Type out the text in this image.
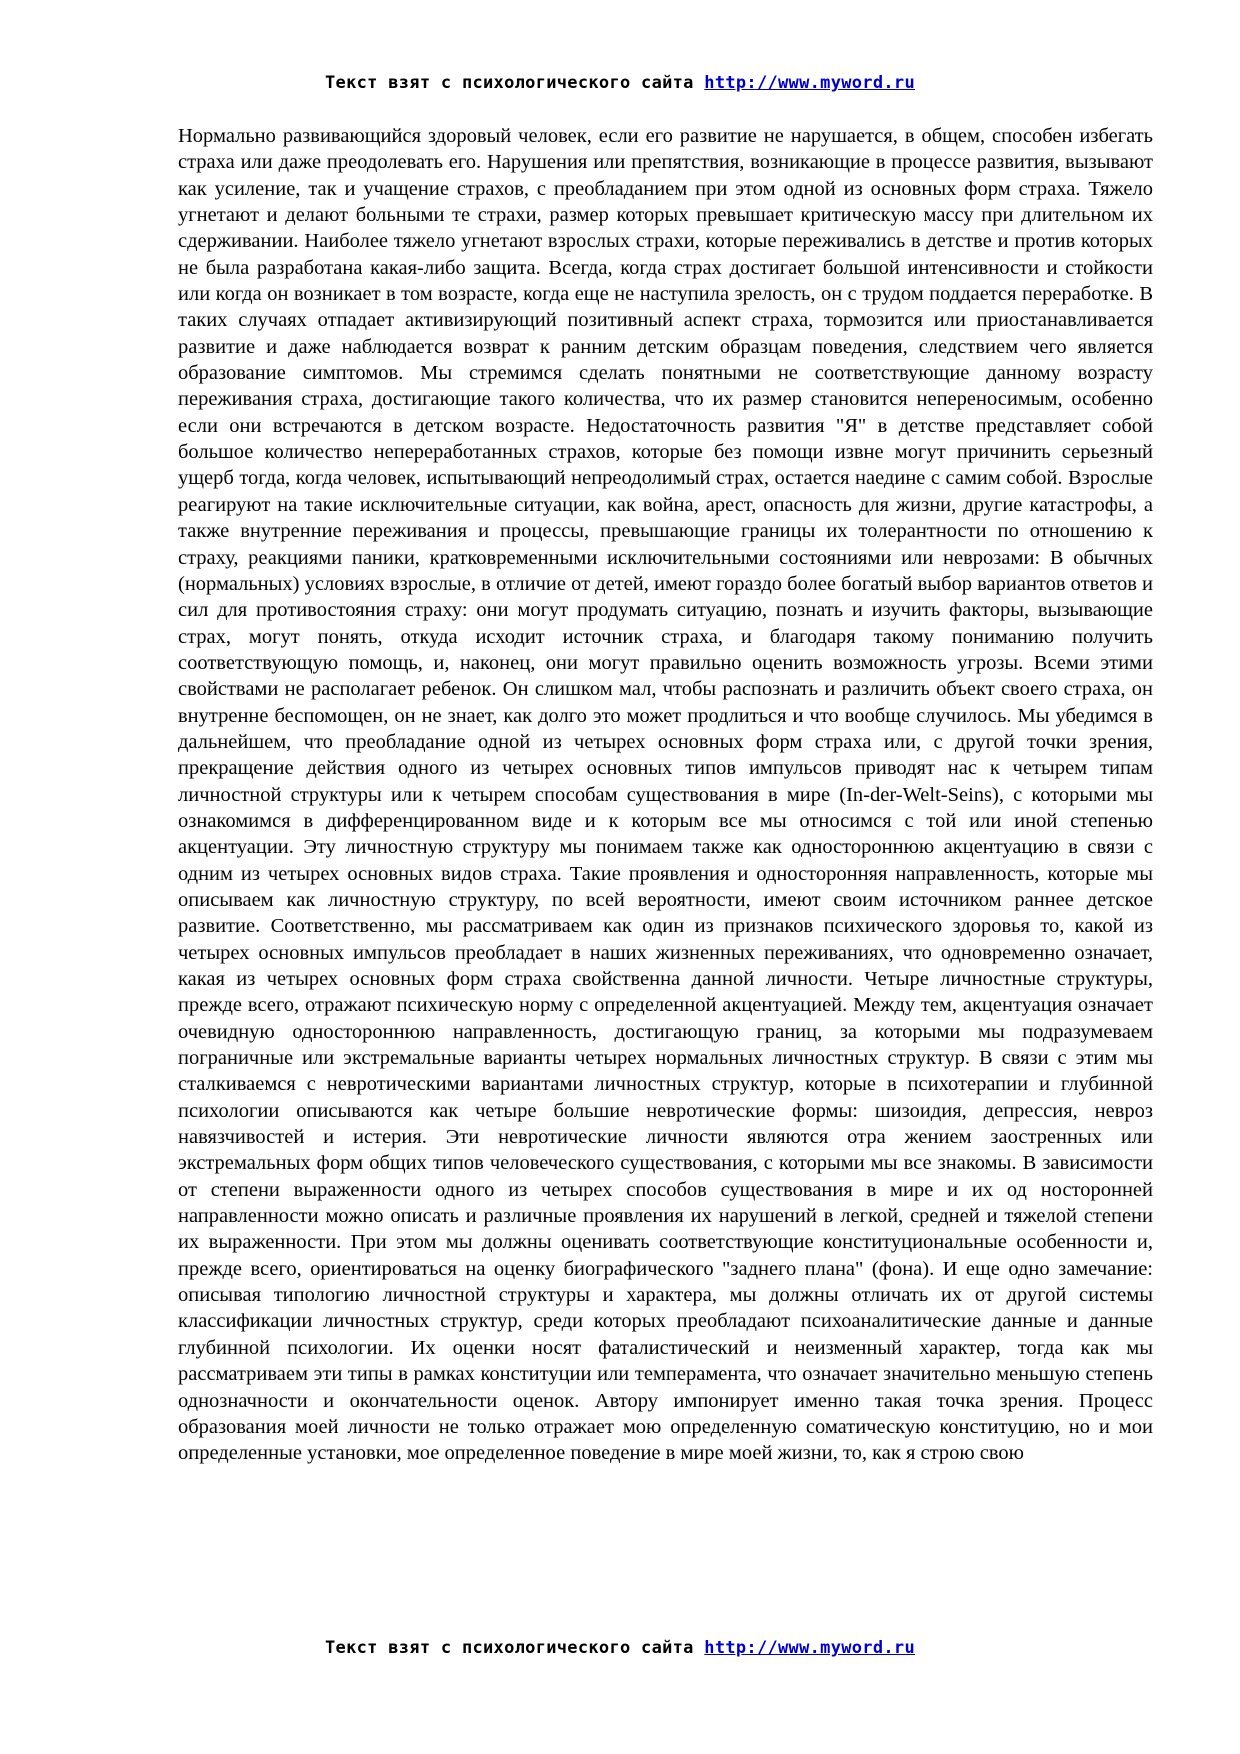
Текст взят с психологического сайта http://www.myword.ru

Нормально развивающийся здоровый человек, если его развитие не нарушается, в общем, способен избегать страха или даже преодолевать его. Нарушения или препятствия, возникающие в процессе развития, вызывают как усиление, так и учащение страхов, с преобладанием при этом одной из основных форм страха. Тяжело угнетают и делают больными те страхи, размер которых превышает критическую массу при длительном их сдерживании. Наиболее тяжело угнетают взрослых страхи, которые переживались в детстве и против которых не была разработана какая-либо защита. Всегда, когда страх достигает большой интенсивности и стойкости или когда он возникает в том возрасте, когда еще не наступила зрелость, он с трудом поддается переработке. В таких случаях отпадает активизирующий позитивный аспект страха, тормозится или приостанавливается развитие и даже наблюдается возврат к ранним детским образцам поведения, следствием чего является образование симптомов. Мы стремимся сделать понятными не соответствующие данному возрасту переживания страха, достигающие такого количества, что их размер становится непереносимым, особенно если они встречаются в детском возрасте. Недостаточность развития "Я" в детстве представляет собой большое количество непереработанных страхов, которые без помощи извне могут причинить серьезный ущерб тогда, когда человек, испытывающий непреодолимый страх, остается наедине с самим собой. Взрослые реагируют на такие исключительные ситуации, как война, арест, опасность для жизни, другие катастрофы, а также внутренние переживания и процессы, превышающие границы их толерантности по отношению к страху, реакциями паники, кратковременными исключительными состояниями или неврозами: В обычных (нормальных) условиях взрослые, в отличие от детей, имеют гораздо более богатый выбор вариантов ответов и сил для противостояния страху: они могут продумать ситуацию, познать и изучить факторы, вызывающие страх, могут понять, откуда исходит источник страха, и благодаря такому пониманию получить соответствующую помощь, и, наконец, они могут правильно оценить возможность угрозы. Всеми этими свойствами не располагает ребенок. Он слишком мал, чтобы распознать и различить объект своего страха, он внутренне беспомощен, он не знает, как долго это может продлиться и что вообще случилось. Мы убедимся в дальнейшем, что преобладание одной из четырех основных форм страха или, с другой точки зрения, прекращение действия одного из четырех основных типов импульсов приводят нас к четырем типам личностной структуры или к четырем способам существования в мире (In-der-Welt-Seins), с которыми мы ознакомимся в дифференцированном виде и к которым все мы относимся с той или иной степенью акцентуации. Эту личностную структуру мы понимаем также как одностороннюю акцентуацию в связи с одним из четырех основных видов страха. Такие проявления и односторонняя направленность, которые мы описываем как личностную структуру, по всей вероятности, имеют своим источником раннее детское развитие. Соответственно, мы рассматриваем как один из признаков психического здоровья то, какой из четырех основных импульсов преобладает в наших жизненных переживаниях, что одновременно означает, какая из четырех основных форм страха свойственна данной личности. Четыре личностные структуры, прежде всего, отражают психическую норму с определенной акцентуацией. Между тем, акцентуация означает очевидную одностороннюю направленность, достигающую границ, за которыми мы подразумеваем пограничные или экстремальные варианты четырех нормальных личностных структур. В связи с этим мы сталкиваемся с невротическими вариантами личностных структур, которые в психотерапии и глубинной психологии описываются как четыре большие невротические формы: шизоидия, депрессия, невроз навязчивостей и истерия. Эти невротические личности являются отра жением заостренных или экстремальных форм общих типов человеческого существования, с которыми мы все знакомы. В зависимости от степени выраженности одного из четырех способов существования в мире и их од носторонней направленности можно описать и различные проявления их нарушений в легкой, средней и тяжелой степени их выраженности. При этом мы должны оценивать соответствующие конституциональные особенности и, прежде всего, ориентироваться на оценку биографического "заднего плана" (фона). И еще одно замечание: описывая типологию личностной структуры и характера, мы должны отличать их от другой системы классификации личностных структур, среди которых преобладают психоаналитические данные и данные глубинной психологии. Их оценки носят фаталистический и неизменный характер, тогда как мы рассматриваем эти типы в рамках конституции или темперамента, что означает значительно меньшую степень однозначности и окончательности оценок. Автору импонирует именно такая точка зрения. Процесс образования моей личности не только отражает мою определенную соматическую конституцию, но и мои определенные установки, мое определенное поведение в мире моей жизни, то, как я строю свою

Текст взят с психологического сайта http://www.myword.ru
